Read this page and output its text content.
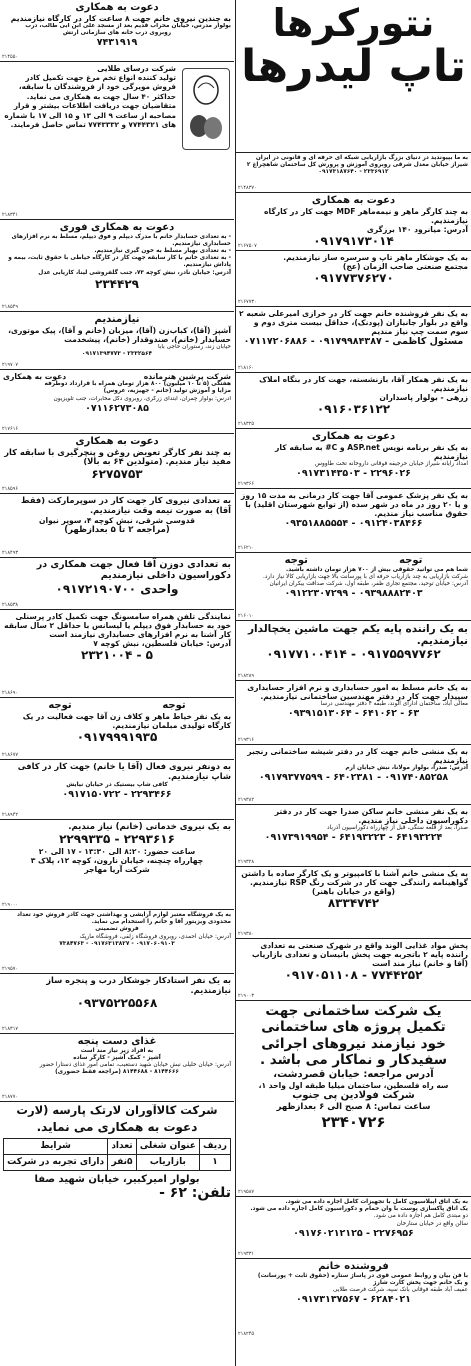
نتورکرها
تاپ لیدرها
به ما بپیوندید در دنیای بزرگ بازاریابی شبکه ای حرفه ای و قانونی در ایران
شیراز خیابان معدل شرقی روبروی آموزش و پرورش کل ساختمان شاهچراغ ۲
۰۹۱۷۳۱۸۷۶۴۰ - ۲۳۳۶۹۱۲
۲۱۴۸۳۷۰
دعوت به همکاری
به چند کارگر ماهر و نیمه‌ماهر MDF جهت کار در کارگاه نیازمندیم.
آدرس: میانرود ۱۴۰ برزگری
۰۹۱۷۹۱۷۳۰۱۴
۲۱۶۷۵۰۷
به یک جوشکار ماهر تاپ و سرسره ساز نیازمندیم.
مجتمع صنعتی صاحب الزمان (عج)
۰۹۱۷۷۳۷۶۲۷۰
۲۱۶۷۷۳۰
به یک نفر فروشنده خانم جهت کار در خرازی امیرعلی شعبه ۲ واقع در بلوار جانبازان (پودنک)، حداقل بیست متری دوم و سوم سمت چپ نیاز مندیم
۰۷۱۱۷۲۰۶۸۸۶ - ۰۹۱۷۹۹۸۴۳۸۷ - مسئول کاظمی
۲۱۸۱۶۰
به یک نفر همکار آقا، بازنشسته، جهت کار در بنگاه املاک نیازمندیم.
زرهی - بولوار پاسداران
۰۹۱۶۰۳۶۱۲۲
۲۱۸۳۲۵
دعوت به همکاری
به یک نفر برنامه نویس ASP.net و C# به سابقه کار نیازمندیم
امداد رایانه شیراز خیابان حرجیفه فوقانی داروخانه تخت طاووس
۰۹۱۷۳۱۴۳۵۰۳ - ۲۲۹۶۰۲۶
۲۱۹۳۶۶
به یک نفر پزشک عمومی آقا جهت کار درمانی به مدت ۱۵ روز و یا ۲۰ روز در ماه در شهر سده (از توابع شهرستان اقلید) با حقوق مناسب نیاز مندیم.
۰۹۳۵۱۸۸۵۵۵۴ - ۰۹۱۲۴۰۳۸۴۶۶
۲۱۶۲۱۰
توجه
توجه
شما هم می توانید حقوقی بیش از ۷۰۰ هزار تومان داشته باشید.
شرکت بازاریابی به چند بازاریاب حرفه ای با پورسانت بالا جهت بازاریابی کالا نیاز دارد.
آدرس: خیابان توحید، مجتمع تجاری ظفر، طبقه اول، شرکت صداقت بیکران ایرانیان
۰۹۱۲۲۳۰۷۲۹۹ - ۰۹۳۹۸۸۸۲۴۰۳
۲۱۶۰۱۰
به یک راننده پایه یکم جهت ماشین یخچالدار نیازمندیم.
۰۹۱۷۷۱۰۰۴۱۴ - ۰۹۱۷۵۵۹۷۷۶۲
۲۱۸۲۸۹
به یک خانم مسلط به امور حسابداری و نرم افزار حسابداری سپیدار جهت کار در دفتر مهندسین ساختمانی نیازمندیم.
معالی آباد، ساختمان ادارای الوند، طبقه ۴ دفتر مهندسی درسا
۰۹۳۹۱۵۱۳۰۶۴ - ۶۴۱۰۶۲ - ۶۳
۲۱۹۳۱۶
به یک منشی خانم جهت کار در دفتر شیشه ساختمانی رنجبر نیازمندیم
آدرس: صدرا، بولوار مولانا، نبش خیابان ارم
۰۹۱۷۹۳۷۷۵۹۹ - ۶۴۰۲۳۸۱ - ۰۹۱۷۴۰۸۵۲۵۸
۲۱۹۳۸۲
به یک نفر منشی خانم ساکن صدرا جهت کار در دفتر دکوراسیون داخلی نیاز مندیم.
صدرا، بعد از قلعه سنگی، قبل از چهارراه دکوراسیون آذرباد
۰۹۱۷۳۹۱۹۹۵۴ - ۶۴۱۹۳۲۲۳ - ۶۴۱۹۳۲۲۴
۲۱۹۳۲۸
به یک منشی خانم آشنا با کامپیوتر و یک کارگر ساده با داشتن گواهینامه رانندگی جهت کار در شرکت رنگ RSP نیازمندیم.
(واقع در خیابان باهنر)
۸۳۳۴۷۴۲
۲۱۹۳۸۰
پخش مواد غذایی الوند واقع در شهرک صنعتی به تعدادی راننده پایه ۲ باتجربه جهت پخش بانیسان و تعدادی بازاریاب (آقا و خانم) نیاز مند است
۰۹۱۷۰۵۱۱۰۸ - ۷۷۴۴۲۵۲
۲۱۹۰۰۳
یک شرکت ساختمانی جهت
تکمیل پروژه های ساختمانی
خود نیازمند نیروهای اجرائی
سفیدکار و نماکار می باشد .
آدرس مراجعه: خیابان قصردشت،
سه راه فلسطین، ساختمان میلیا طبقه اول واحد ۱،
شرکت فولادین پی جنوب
ساعت تماس: ۸ صبح الی ۶ بعدازظهر
۲۳۴۰۷۲۶
۲۱۹۵۸۷
به یک اتاق اپیلاسیون کامل با تجهیزات کامل اجاره داده می شود.
یک اتاق پاکسازی پوست با وان حمام و دکوراسیون کامل اجاره داده می شود.
دو مبتدی کامل هم اجاره داده می شود.
سالن واقع در خیابان ستارخان
۰۹۱۷۶۰۲۱۲۱۲۵ - ۲۲۷۶۹۵۶
۲۱۹۳۳۱
فروشنده خانم
با فن بیان و روابط عمومی قوی در پاساژ ستاره (حقوق ثابت + پورسانت)
و یک خانم جهت پخش کارت شارژ
عفیف آباد طبقه فوقانی بانک سپه، شرکت فرصت طلایی
۰۹۱۷۳۱۳۷۵۶۷ - ۶۲۸۴۰۲۱
۲۱۸۲۴۵
دعوت به همکاری
به چندین نیروی خانم جهت ۸ ساعت کار در کارگاه نیازمندیم
بولوار مدرس، خیابان محراب قدیم بعد از مسجد علی ابن ابی طالب، درب
روبروی درب خانه های سازمانی ارتش
۷۴۳۱۹۱۹
۲۱۴۵۵۰
شرکت درسای طلایی
تولید کننده انواع تخم مرغ جهت تکمیل کادر فروش مویرگی خود از فروشندگان با سابقه، حداکثر ۴۰ سال جهت به همکاری می نماید. متقاضیان جهت دریافت اطلاعات بیشتر و قرار مصاحبه از ساعت ۹ الی ۱۳ و ۱۵ الی ۱۷ با شماره های ۷۷۴۴۳۲۱ و ۷۷۴۳۳۳۲ تماس حاصل فرمایند.
۲۱۸۳۴۱
دعوت به همکاری فوری
- به تعدادی حسابدار خانم با مدرک دیپلم و فوق دیپلم، مسلط به نرم افزارهای حسابداری نیازمندیم.
- به تعدادی بهیار مسلط به خون گیری نیازمندیم.
- به تعدادی خانم با کار سابقه جهت کار در کارگاه خیاطی با حقوق ثابت، بیمه و پاداش نیازمندیم.
آدرس: خیابان نادر، نبش کوچه ۷۳، جنب گلفروشی لینا، کاریابی عدل
۲۳۴۴۲۹
۲۱۸۵۴۹
نیازمندیم
آشپز (آقا)، کباب‌زن (آقا)، میزبان (خانم و آقا)، پیک موتوری، حسابدار (خانم)، صندوقدار (خانم)، پیشخدمت
خیابان زند، رستوران حاجی بابا
۰۹۱۷۱۳۹۴۷۷۳ - ۲۳۳۲۵۶۴
۲۱۹۷۰۷
شرکت پرشین هنرمانده
دعوت به همکاری
هفتگی (۵ تا ۱۰ میلیون) ۸۰۰ هزار تومان همراه با قرارداد دوطرفه
مزایا و آموزش تولید (خانم - جهیزیه، عروس)
آدرس: بولوار چمران، ابتدای زرگری، روبروی دکل مخابرات، جنب تلویزیون
۰۷۱۱۶۲۷۳۰۸۵
۲۱۷۶۱۶
دعوت به همکاری
به چند نفر کارگر تعویض روغن و پنچرگیری با سابقه کار مفید نیاز مندیم. (متولدین ۶۴ به بالا)
۶۲۷۵۷۵۳
۲۱۸۵۹۶
به تعدادی نیروی کار جهت کار در سوپرمارکت (فقط آقا) به صورت نیمه وقت نیازمندیم.
قدوسی شرقی، نبش کوچه ۴، سوپر نیوان
(مراجعه ۲ تا ۵ بعدازظهر)
۲۱۸۴۹۳
به تعدادی دوزن آقا فعال جهت همکاری در دکوراسیون داخلی نیازمندیم
۰۹۱۷۲۱۹۰۷۰۰ واحدی
۲۱۸۵۳۸
نمایندگی تلفن همراه سامسونگ جهت تکمیل کادر پرسنلی خود به حسابدار فوق دیپلم یا لیسانس با حداقل ۲ سال سابقه کار آشنا به نرم افزارهای حسابداری نیازمند است
آدرس: خیابان فلسطین، نبش کوچه ۷
۲۳۲۱۰۰۴ - ۵
۲۱۸۶۹۰
توجه
توجه
به یک نفر خیاط ماهر و کلاف زن آقا جهت فعالیت در یک کارگاه تولیدی مبلمان نیازمندیم.
۰۹۱۷۹۹۹۱۹۳۵
۲۱۸۶۷۷
به دونفر نیروی فعال (آقا یا خانم) جهت کار در کافی شاپ نیازمندیم.
کافی شاپ بیستیک در خیابان نیایش
۰۹۱۷۱۵۰۷۲۲ - ۲۲۹۳۴۶۶
۲۱۸۹۴۲
به یک نیروی خدماتی (خانم) نیاز مندیم.
۲۲۹۹۳۳۵ - ۲۲۹۳۶۱۶
ساعت حضور: ۸:۲۰ الی ۱۳:۳۰ - ۱۷ الی ۲۰
چهارراه چنچنه، خیابان نارون، کوچه ۱۲، پلاک ۳
شرکت آریا مهاجر
۲۱۹۰۰۰
به یک فروشگاه معتبر لوازم آرایشی و بهداشتی جهت کادر فروش خود تعداد محدودی ویزیتور آقا و خانم را استخدام می نماید.
فروش تضمینی
آدرس: خیابان احمدی، روبروی فروشگاه زلفی، فروشگاه مارپک
۷۳۸۴۷۶۳ - ۰۹۱۷۶۳۱۳۸۲۷ - ۰۹۱۷۰۶۰۹۱۰۳
۲۱۹۵۷۰
به یک نفر استادکار جوشکار درب و پنجره ساز نیازمندیم.
۰۹۳۷۵۲۲۵۵۶۸
۲۱۸۳۱۷
غذای دست پنجه
به افراد زیر نیاز مند است
آشپز - کمک آشپز - کارگر ساده
آدرس: خیابان خلیلی نبش خیابان شهید دستغیب، تمامی امور غذای دستارا حضور
۸۱۴۴۶۶۶ - ۸۱۴۴۶۸۸ (مراجعه فقط حضوری)
۲۱۸۷۷۰
شرکت کالاآوران لارتک پارسه (لارت
دعوت به همکاری می نماید.
ردیف	عنوان شغلی	تعداد	شرایط
۱	بازاریاب	۵نفر	دارای تجربه در شرکت
بولوار امیرکبیر، خیابان شهید صفا
تلفن: ۶۲ -
